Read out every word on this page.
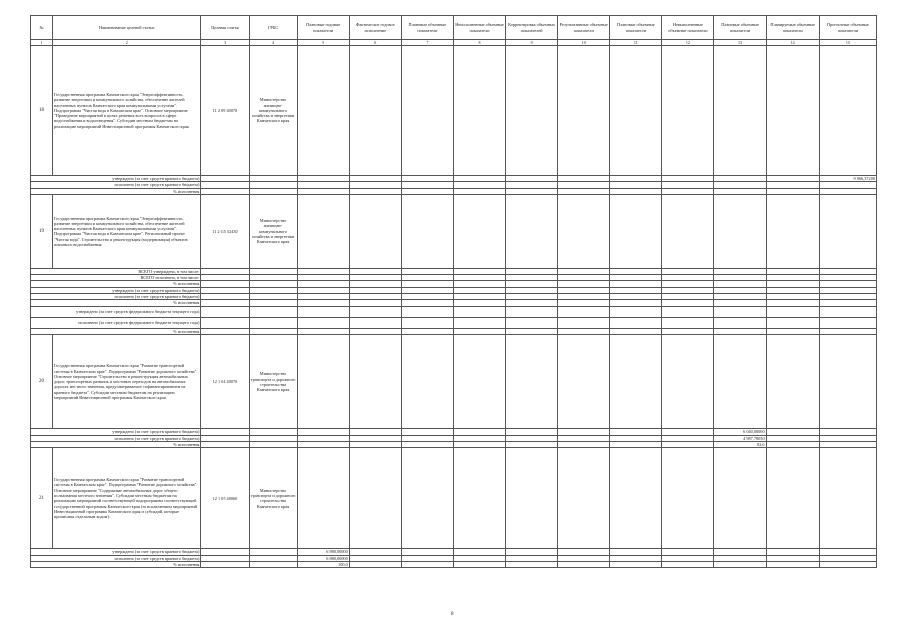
№	Наименование целевой статьи	Целевая статья	ГРБС	Плановые годовые показатели	Фактическое годовое исполнение	Плановые объемные показатели	Неисполненные объемные показатели	Корректировка объемных показателей	Результативные объемные показатели	Плановые объемные показатели	Невыполненные объемные показатели	Плановые объемные показатели	Планируемые объемные показатели	Прогнозные объемные показатели
1	2	3	4	5	6	7	8	9	10	11	12	13	14	15
18	Государственная программа Камчатского края "Энергоэффективность, развитие энергетики и коммунального хозяйства, обеспечение жителей населенных пунктов Камчатского края коммунальными услугами". Подпрограмма "Чистая вода в Камчатском крае". Основное мероприятие "Проведение мероприятий в целях решения всех вопросов в сфере водоснабжения и водоотведения". Субсидии местным бюджетам на реализацию мероприятий Инвестиционной программы Камчатского края	11 2 09 40070	Министерство жилищно-коммунального хозяйства и энергетики Камчатского края											
утверждено (за счет средств краевого бюджета)														9 966,37200
исполнено (за счет средств краевого бюджета)														
% исполнения														
19	Государственная программа Камчатского края "Энергоэффективность, развитие энергетики и коммунального хозяйства, обеспечение жителей населенных пунктов Камчатского края коммунальными услугами". Подпрограмма "Чистая вода в Камчатском крае". Региональный проект "Чистая вода". Строительство и реконструкция (модернизация) объектов питьевого водоснабжения	11 2 G5 52430	Министерство жилищно-коммунального хозяйства и энергетики Камчатского края											
ВСЕГО утверждено, в том числе:														
ВСЕГО исполнено, в том числе:														
% исполнения														
утверждено (за счет средств краевого бюджета)														
исполнено (за счет средств краевого бюджета)														
% исполнения														
утверждено (за счет средств федерального бюджета текущего года)														
исполнено (за счет средств федерального бюджета текущего года)														
% исполнения														
20	Государственная программа Камчатского края "Развитие транспортной системы в Камчатском крае". Подпрограмма "Развитие дорожного хозяйства". Основное мероприятие "Строительство и реконструкция автомобильных дорог, транспортных развязок и мостовых переходов на автомобильных дорогах местного значения, предусматриваемое софинансированием из краевого бюджета". Субсидии местным бюджетам на реализацию мероприятий Инвестиционной программы Камчатского края	12 1 04 40070	Министерство транспорта и дорожного строительства Камчатского края											
утверждено (за счет средств краевого бюджета)												6 040,00000		
исполнено (за счет средств краевого бюджета)												4 987,78050		
% исполнения												82,6		
21	Государственная программа Камчатского края "Развитие транспортной системы в Камчатском крае". Подпрограмма "Развитие дорожного хозяйства". Основное мероприятие "Содержание автомобильных дорог общего пользования местного значения". Субсидии местным бюджетам на реализацию мероприятий соответствующей подпрограммы соответствующей государственной программы Камчатского края (за исключением мероприятий Инвестиционной программы Камчатского края и субсидий, которые прописаны отдельным кодом).	12 1 05 40060	Министерство транспорта и дорожного строительства Камчатского края											
утверждено (за счет средств краевого бюджета)				6 880,00000										
исполнено (за счет средств краевого бюджета)				6 880,00000										
% исполнения				100,0										
8
